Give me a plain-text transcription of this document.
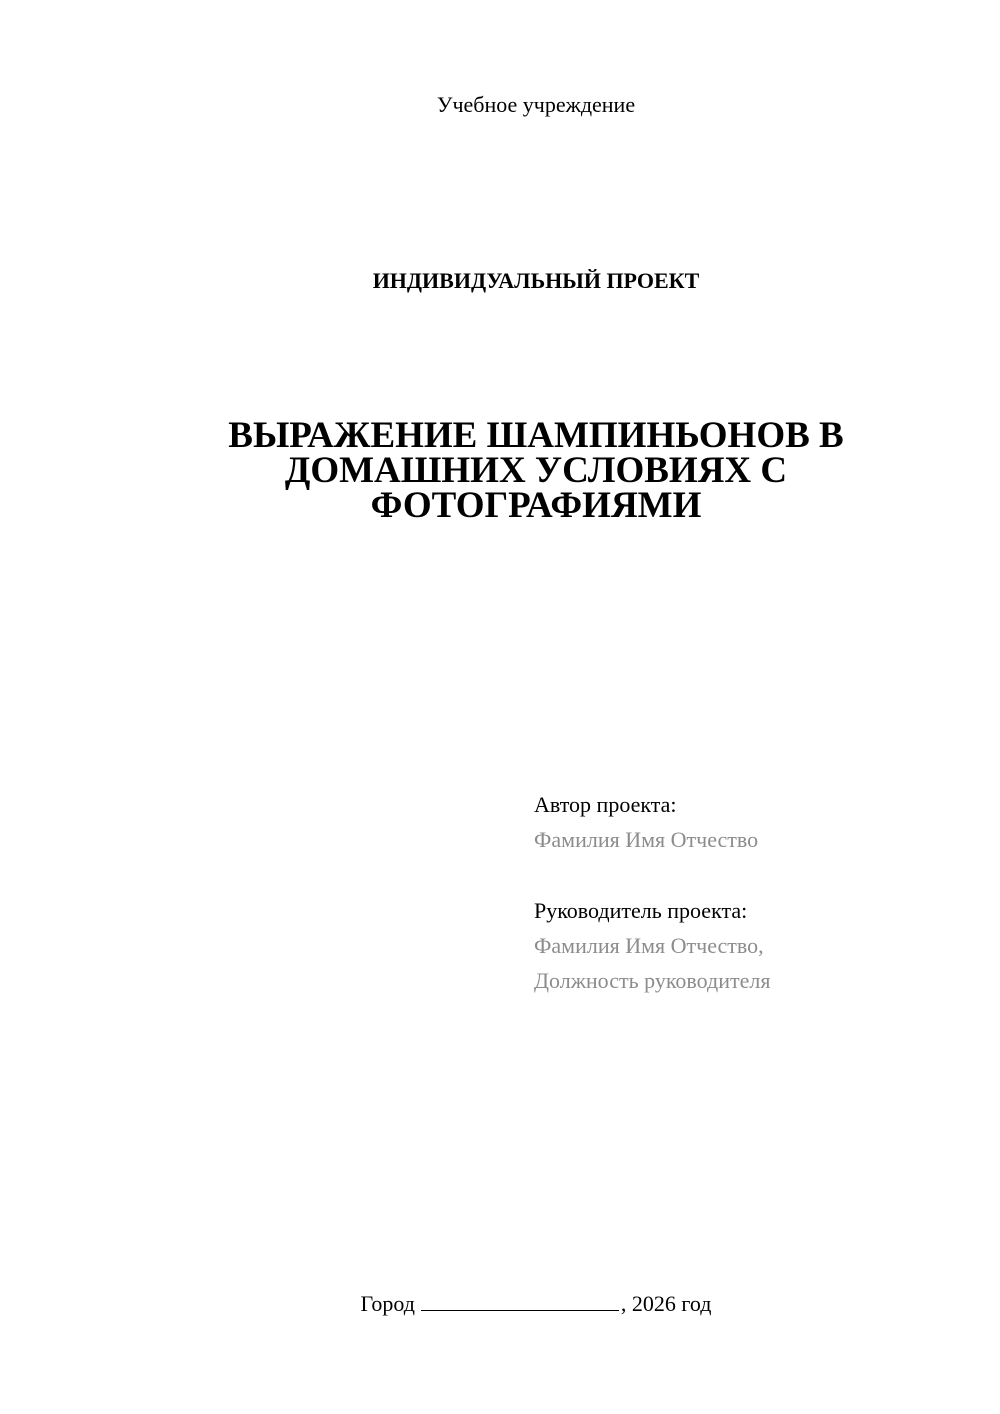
Учебное учреждение
ИНДИВИДУАЛЬНЫЙ ПРОЕКТ
ВЫРАЖЕНИЕ ШАМПИНЬОНОВ В
ДОМАШНИХ УСЛОВИЯХ С
ФОТОГРАФИЯМИ
Автор проекта:
Фамилия Имя Отчество
Руководитель проекта:
Фамилия Имя Отчество,
Должность руководителя
Город	, 2026 год
